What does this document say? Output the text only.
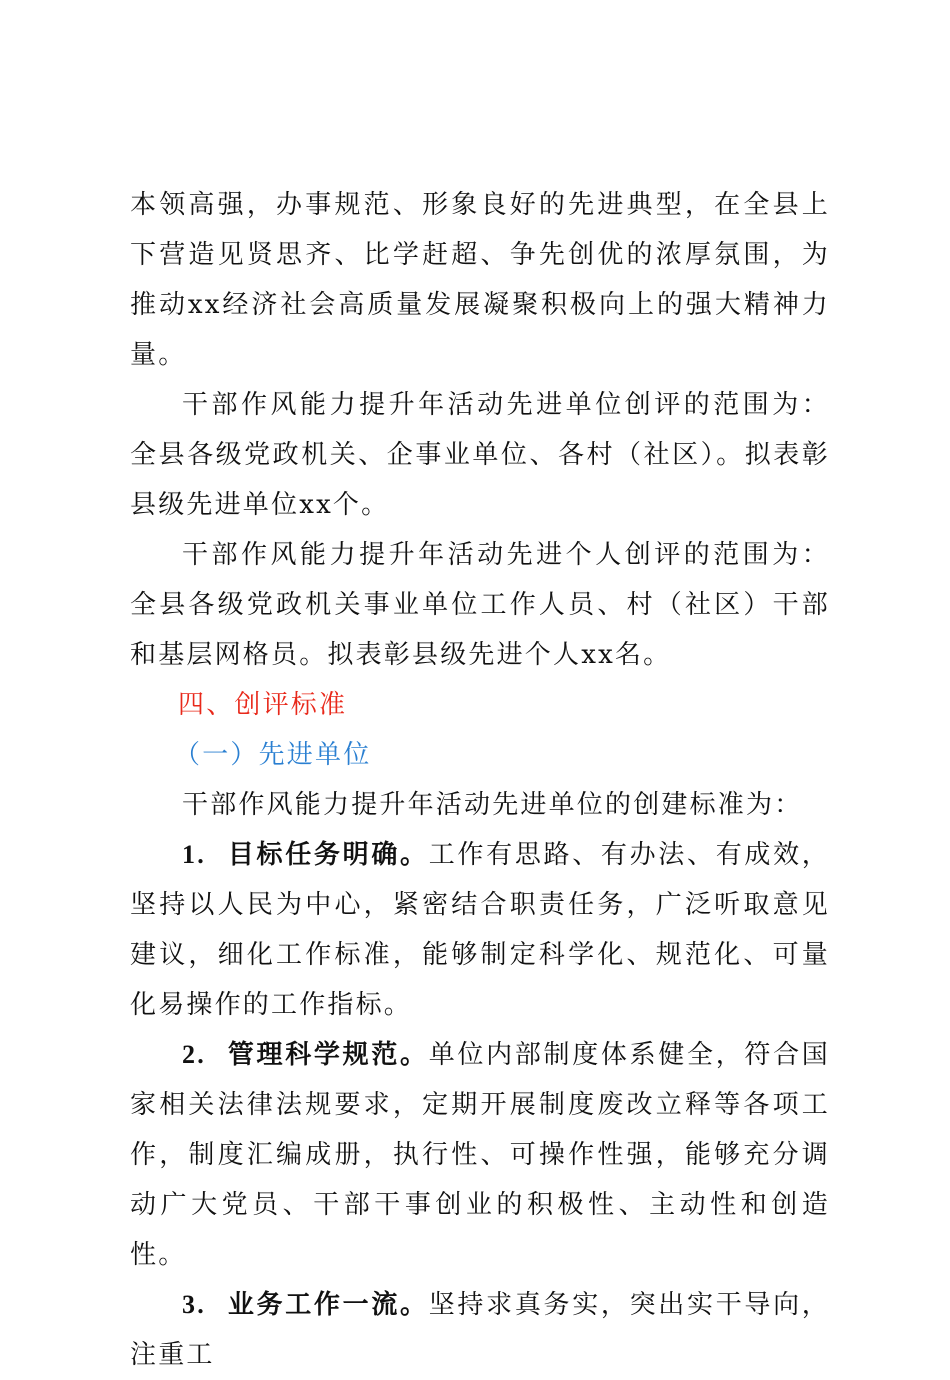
本领高强，办事规范、形象良好的先进典型，在全县上下营造见贤思齐、比学赶超、争先创优的浓厚氛围，为推动xx经济社会高质量发展凝聚积极向上的强大精神力量。

干部作风能力提升年活动先进单位创评的范围为：全县各级党政机关、企事业单位、各村（社区）。拟表彰县级先进单位xx个。

干部作风能力提升年活动先进个人创评的范围为：全县各级党政机关事业单位工作人员、村（社区）干部和基层网格员。拟表彰县级先进个人xx名。

四、创评标准

（一）先进单位

干部作风能力提升年活动先进单位的创建标准为：

1. 目标任务明确。工作有思路、有办法、有成效，坚持以人民为中心，紧密结合职责任务，广泛听取意见建议，细化工作标准，能够制定科学化、规范化、可量化易操作的工作指标。

2. 管理科学规范。单位内部制度体系健全，符合国家相关法律法规要求，定期开展制度废改立释等各项工作，制度汇编成册，执行性、可操作性强，能够充分调动广大党员、干部干事创业的积极性、主动性和创造性。

3. 业务工作一流。坚持求真务实，突出实干导向，注重工
